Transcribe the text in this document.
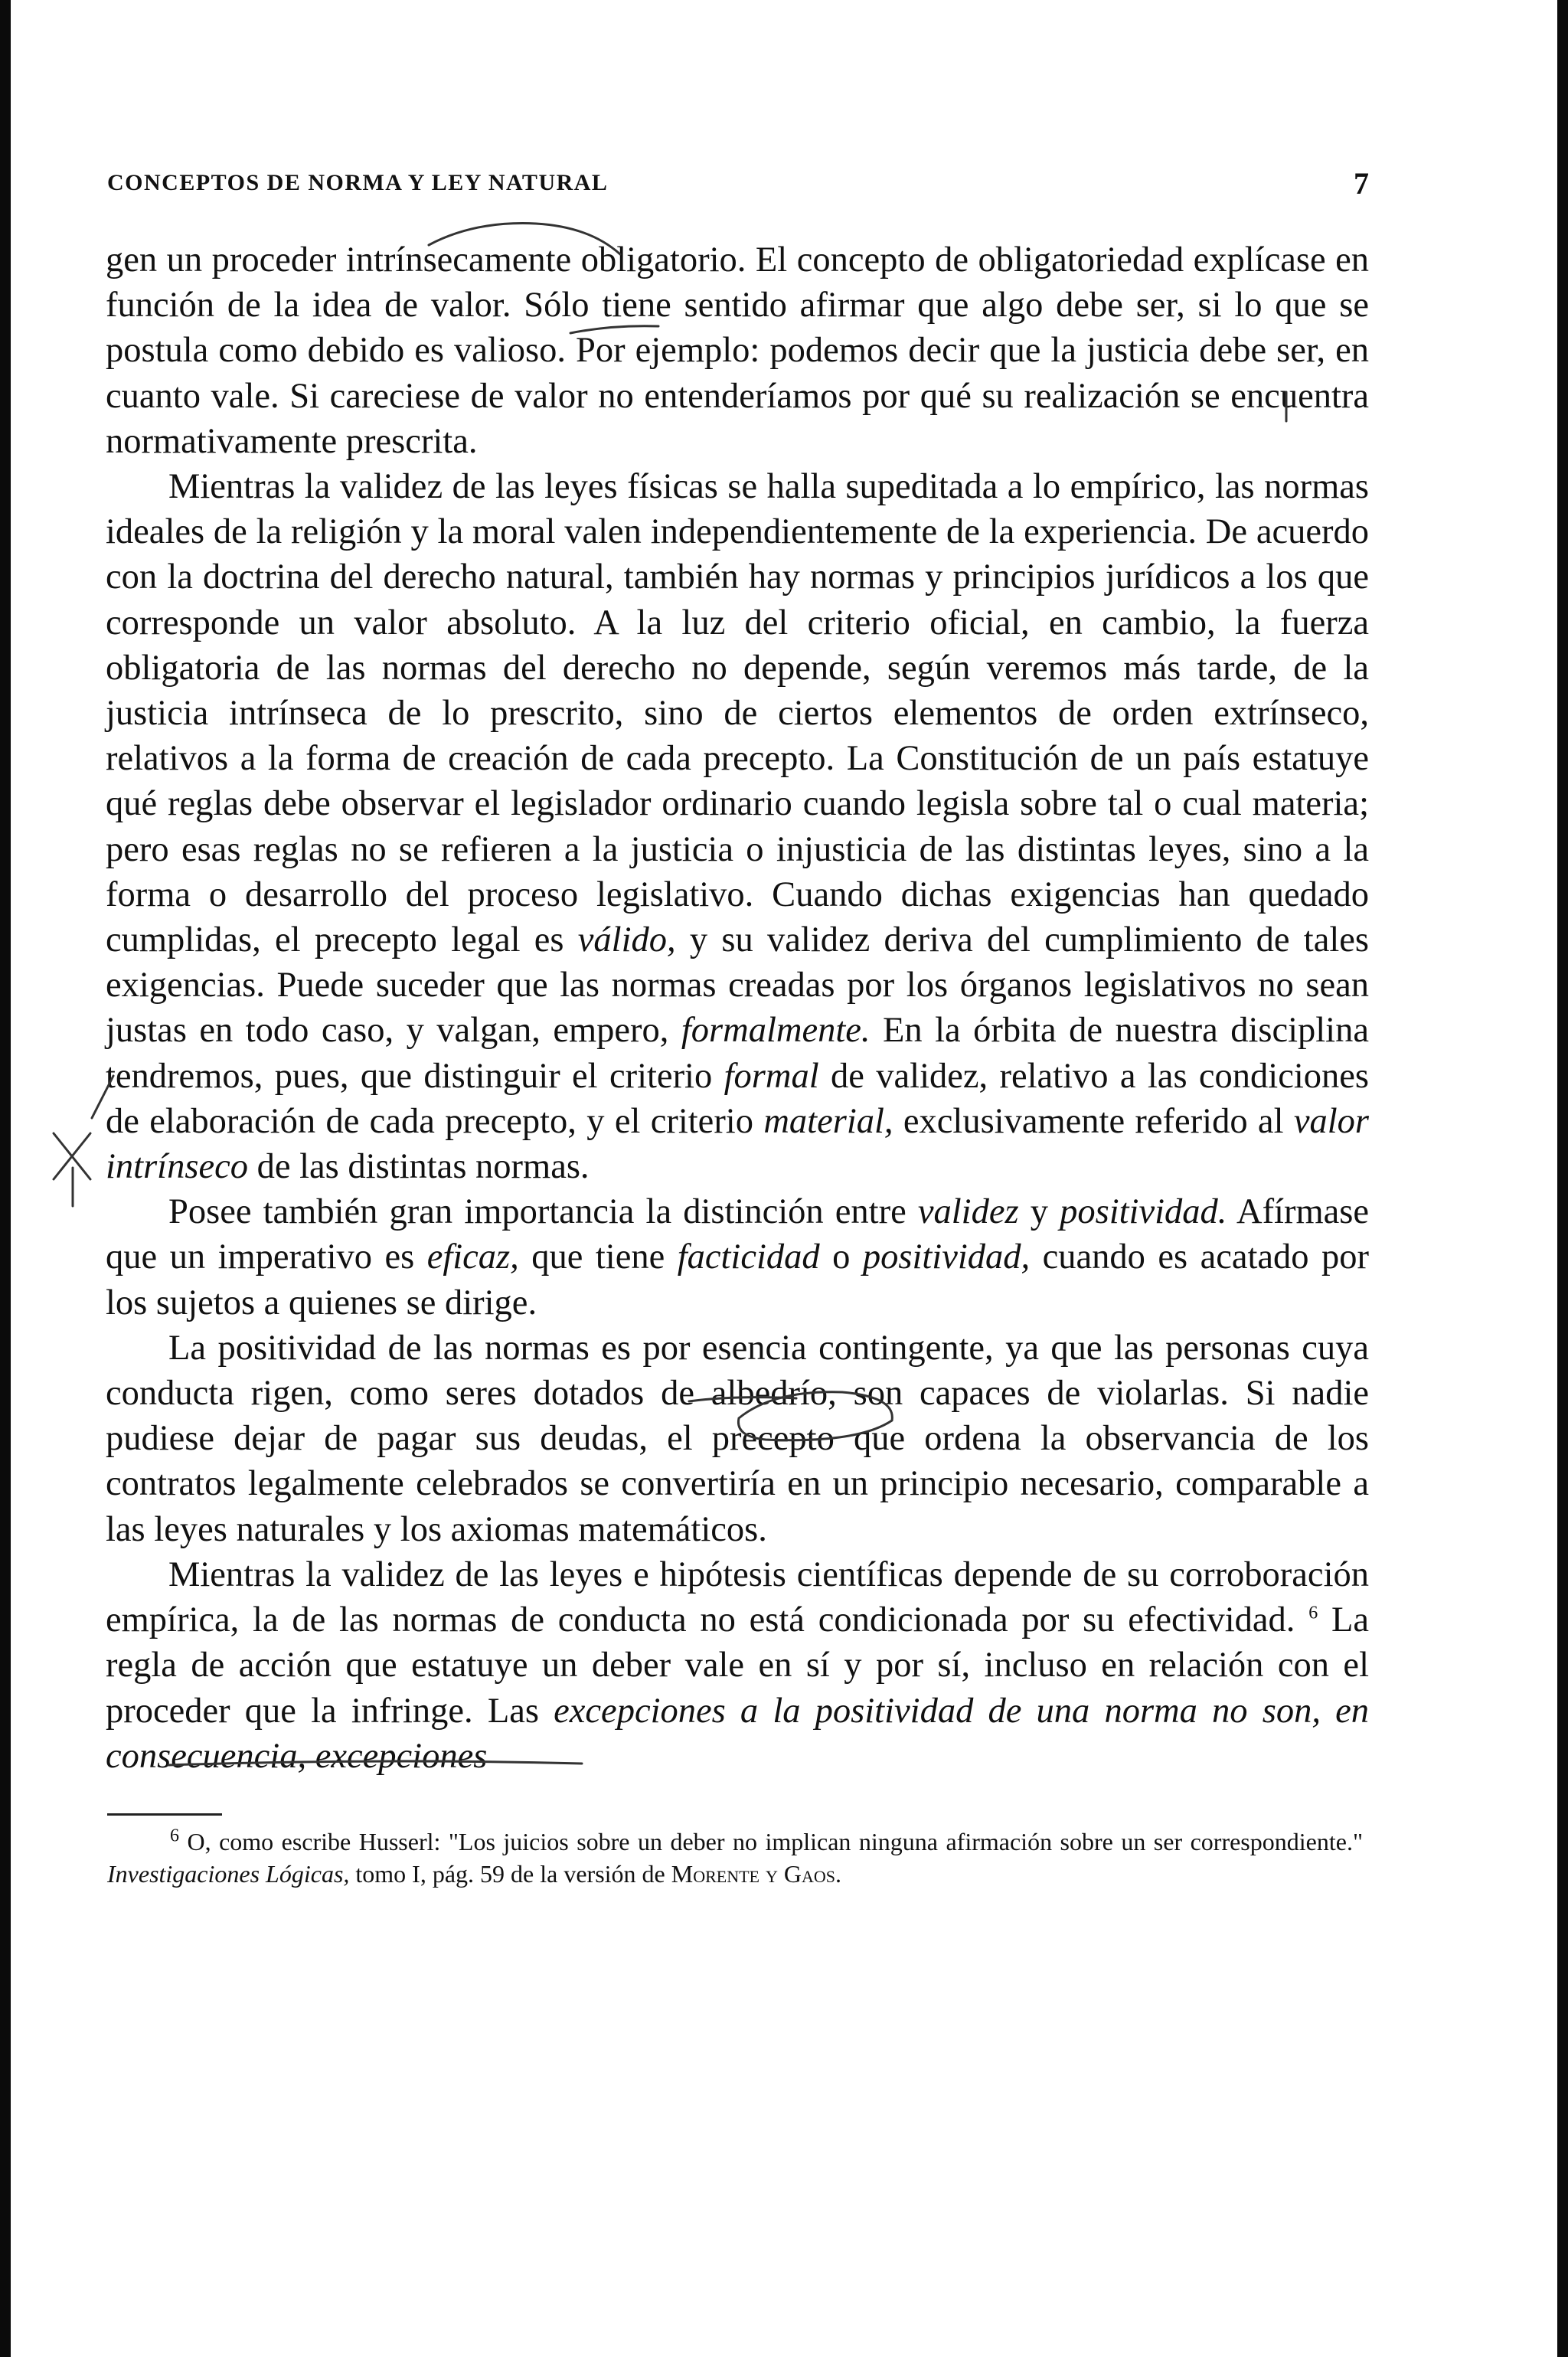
CONCEPTOS DE NORMA Y LEY NATURAL	7

gen un proceder intrínsecamente obligatorio. El concepto de obligatoriedad explícase en función de la idea de valor. Sólo tiene sentido afirmar que algo debe ser, si lo que se postula como debido es valioso. Por ejemplo: podemos decir que la justicia debe ser, en cuanto vale. Si careciese de valor no entenderíamos por qué su realización se encuentra normativamente prescrita.

Mientras la validez de las leyes físicas se halla supeditada a lo empírico, las normas ideales de la religión y la moral valen independientemente de la experiencia. De acuerdo con la doctrina del derecho natural, también hay normas y principios jurídicos a los que corresponde un valor absoluto. A la luz del criterio oficial, en cambio, la fuerza obligatoria de las normas del derecho no depende, según veremos más tarde, de la justicia intrínseca de lo prescrito, sino de ciertos elementos de orden extrínseco, relativos a la forma de creación de cada precepto. La Constitución de un país estatuye qué reglas debe observar el legislador ordinario cuando legisla sobre tal o cual materia; pero esas reglas no se refieren a la justicia o injusticia de las distintas leyes, sino a la forma o desarrollo del proceso legislativo. Cuando dichas exigencias han quedado cumplidas, el precepto legal es válido, y su validez deriva del cumplimiento de tales exigencias. Puede suceder que las normas creadas por los órganos legislativos no sean justas en todo caso, y valgan, empero, formalmente. En la órbita de nuestra disciplina tendremos, pues, que distinguir el criterio formal de validez, relativo a las condiciones de elaboración de cada precepto, y el criterio material, exclusivamente referido al valor intrínseco de las distintas normas.

Posee también gran importancia la distinción entre validez y positividad. Afírmase que un imperativo es eficaz, que tiene facticidad o positividad, cuando es acatado por los sujetos a quienes se dirige.

La positividad de las normas es por esencia contingente, ya que las personas cuya conducta rigen, como seres dotados de albedrío, son capaces de violarlas. Si nadie pudiese dejar de pagar sus deudas, el precepto que ordena la observancia de los contratos legalmente celebrados se convertiría en un principio necesario, comparable a las leyes naturales y los axiomas matemáticos.

Mientras la validez de las leyes e hipótesis científicas depende de su corroboración empírica, la de las normas de conducta no está condicionada por su efectividad. $^6$ La regla de acción que estatuye un deber vale en sí y por sí, incluso en relación con el proceder que la infringe. Las excepciones a la positividad de una norma no son, en consecuencia, excepciones

$^6$ O, como escribe Husserl: "Los juicios sobre un deber no implican ninguna afirmación sobre un ser correspondiente." Investigaciones Lógicas, tomo I, pág. 59 de la versión de Morente y Gaos.
